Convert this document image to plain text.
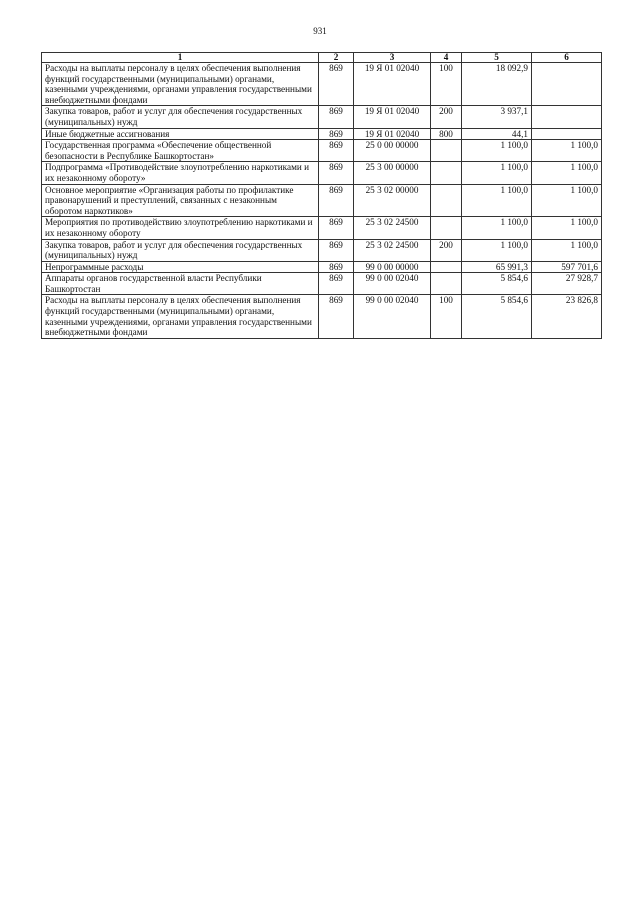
931
1	2	3	4	5	6
Расходы на выплаты персоналу в целях обеспечения выполнения функций государственными (муниципальными) органами, казенными учреждениями, органами управления государственными внебюджетными фондами	869	19 Я 01 02040	100	18 092,9	
Закупка товаров, работ и услуг для обеспечения государственных (муниципальных) нужд	869	19 Я 01 02040	200	3 937,1	
Иные бюджетные ассигнования	869	19 Я 01 02040	800	44,1	
Государственная программа «Обеспечение общественной безопасности в Республике Башкортостан»	869	25 0 00 00000		1 100,0	1 100,0
Подпрограмма «Противодействие злоупотреблению наркотиками и их незаконному обороту»	869	25 3 00 00000		1 100,0	1 100,0
Основное мероприятие «Организация работы по профилактике правонарушений и преступлений, связанных с незаконным оборотом наркотиков»	869	25 3 02 00000		1 100,0	1 100,0
Мероприятия по противодействию злоупотреблению наркотиками и их незаконному обороту	869	25 3 02 24500		1 100,0	1 100,0
Закупка товаров, работ и услуг для обеспечения государственных (муниципальных) нужд	869	25 3 02 24500	200	1 100,0	1 100,0
Непрограммные расходы	869	99 0 00 00000		65 991,3	597 701,6
Аппараты органов государственной власти Республики Башкортостан	869	99 0 00 02040		5 854,6	27 928,7
Расходы на выплаты персоналу в целях обеспечения выполнения функций государственными (муниципальными) органами, казенными учреждениями, органами управления государственными внебюджетными фондами	869	99 0 00 02040	100	5 854,6	23 826,8
